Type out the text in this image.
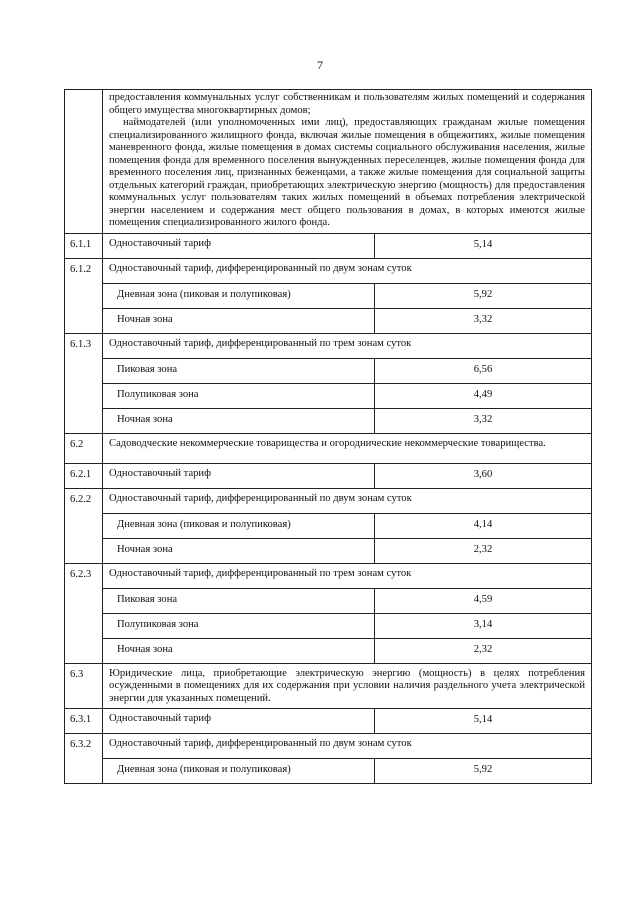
7

	предоставления коммунальных услуг собственникам и пользователям жилых помещений и содержания общего имущества многоквартирных домов;

наймодателей (или уполномоченных ими лиц), предоставляющих гражданам жилые помещения специализированного жилищного фонда, включая жилые помещения в общежитиях, жилые помещения маневренного фонда, жилые помещения в домах системы социального обслуживания населения, жилые помещения фонда для временного поселения вынужденных переселенцев, жилые помещения фонда для временного поселения лиц, признанных беженцами, а также жилые помещения для социальной защиты отдельных категорий граждан, приобретающих электрическую энергию (мощность) для предоставления коммунальных услуг пользователям таких жилых помещений в объемах потребления электрической энергии населением и содержания мест общего пользования в домах, в которых имеются жилые помещения специализированного жилого фонда.	

6.1.1	Одноставочный тариф	5,14
6.1.2	Одноставочный тариф, дифференцированный по двум зонам суток	
	Дневная зона (пиковая и полупиковая)	5,92
	Ночная зона	3,32
6.1.3	Одноставочный тариф, дифференцированный по трем зонам суток	
	Пиковая зона	6,56
	Полупиковая зона	4,49
	Ночная зона	3,32
6.2	Садоводческие некоммерческие товарищества и огороднические некоммерческие товарищества.	
6.2.1	Одноставочный тариф	3,60
6.2.2	Одноставочный тариф, дифференцированный по двум зонам суток	
	Дневная зона (пиковая и полупиковая)	4,14
	Ночная зона	2,32
6.2.3	Одноставочный тариф, дифференцированный по трем зонам суток	
	Пиковая зона	4,59
	Полупиковая зона	3,14
	Ночная зона	2,32
6.3	Юридические лица, приобретающие электрическую энергию (мощность) в целях потребления осужденными в помещениях для их содержания при условии наличия раздельного учета электрической энергии для указанных помещений.	
6.3.1	Одноставочный тариф	5,14
6.3.2	Одноставочный тариф, дифференцированный по двум зонам суток	
	Дневная зона (пиковая и полупиковая)	5,92
